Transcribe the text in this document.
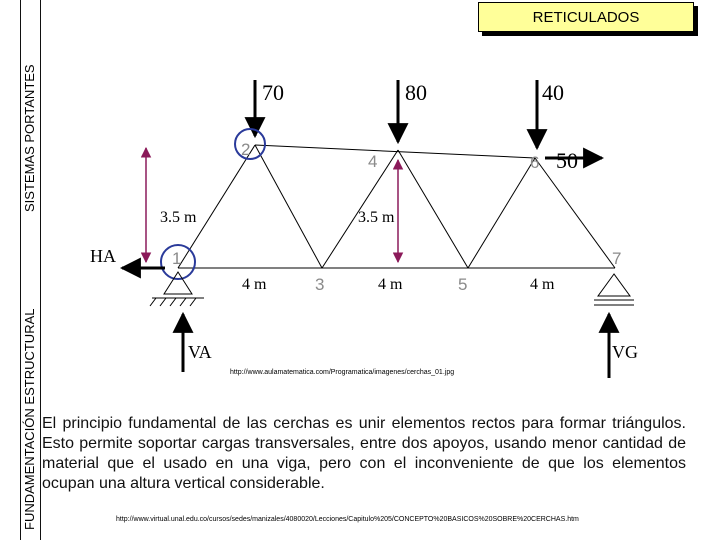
SISTEMAS PORTANTES
FUNDAMENTACIÓN ESTRUCTURAL
RETICULADOS
70	80	40
50
1
2
3
4
5
6
7
3.5 m	3.5 m
4 m	4 m	4 m
HA
VA	VG
http://www.aulamatematica.com/Programatica/imagenes/cerchas_01.jpg
El principio fundamental de las cerchas es unir elementos rectos para formar triángulos. Esto permite soportar cargas transversales, entre dos apoyos, usando menor cantidad de material que el usado en una viga, pero con el inconveniente de que los elementos ocupan una altura vertical considerable.
http://www.virtual.unal.edu.co/cursos/sedes/manizales/4080020/Lecciones/Capitulo%205/CONCEPTO%20BASICOS%20SOBRE%20CERCHAS.htm
